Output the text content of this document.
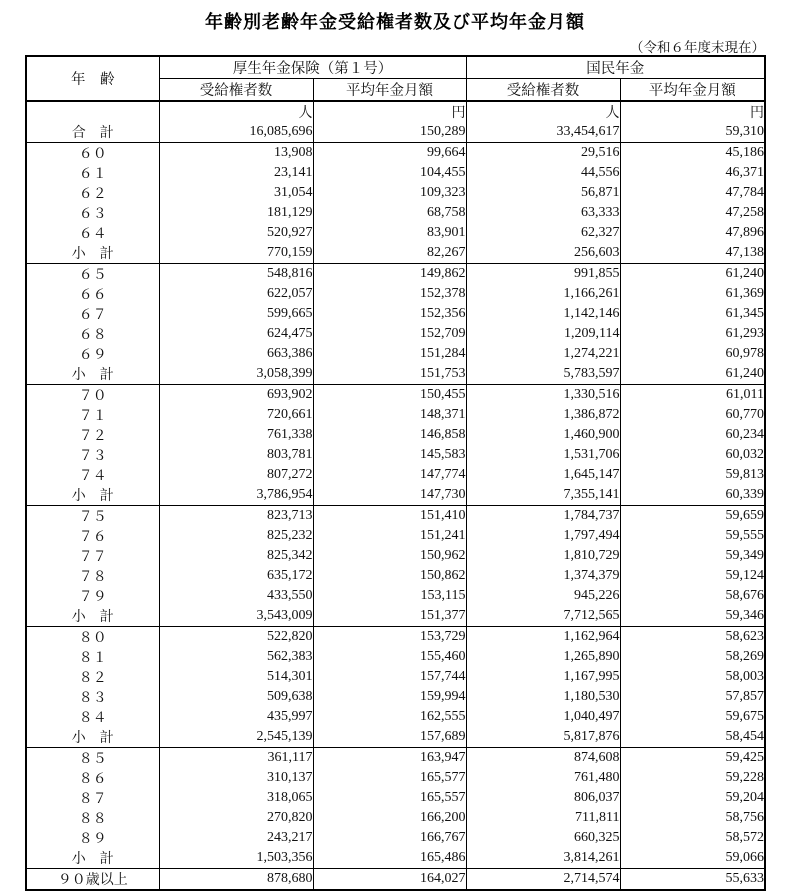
年齢別老齢年金受給権者数及び平均年金月額
（令和６年度末現在）
年　齢	厚生年金保険（第１号）		国民年金	
	受給権者数	平均年金月額	受給権者数	平均年金月額
	人	円	人	円
合　計	16,085,696	150,289	33,454,617	59,310
６０	13,908	99,664	29,516	45,186
６１	23,141	104,455	44,556	46,371
６２	31,054	109,323	56,871	47,784
６３	181,129	68,758	63,333	47,258
６４	520,927	83,901	62,327	47,896
小　計	770,159	82,267	256,603	47,138
６５	548,816	149,862	991,855	61,240
６６	622,057	152,378	1,166,261	61,369
６７	599,665	152,356	1,142,146	61,345
６８	624,475	152,709	1,209,114	61,293
６９	663,386	151,284	1,274,221	60,978
小　計	3,058,399	151,753	5,783,597	61,240
７０	693,902	150,455	1,330,516	61,011
７１	720,661	148,371	1,386,872	60,770
７２	761,338	146,858	1,460,900	60,234
７３	803,781	145,583	1,531,706	60,032
７４	807,272	147,774	1,645,147	59,813
小　計	3,786,954	147,730	7,355,141	60,339
７５	823,713	151,410	1,784,737	59,659
７６	825,232	151,241	1,797,494	59,555
７７	825,342	150,962	1,810,729	59,349
７８	635,172	150,862	1,374,379	59,124
７９	433,550	153,115	945,226	58,676
小　計	3,543,009	151,377	7,712,565	59,346
８０	522,820	153,729	1,162,964	58,623
８１	562,383	155,460	1,265,890	58,269
８２	514,301	157,744	1,167,995	58,003
８３	509,638	159,994	1,180,530	57,857
８４	435,997	162,555	1,040,497	59,675
小　計	2,545,139	157,689	5,817,876	58,454
８５	361,117	163,947	874,608	59,425
８６	310,137	165,577	761,480	59,228
８７	318,065	165,557	806,037	59,204
８８	270,820	166,200	711,811	58,756
８９	243,217	166,767	660,325	58,572
小　計	1,503,356	165,486	3,814,261	59,066
９０歳以上	878,680	164,027	2,714,574	55,633
